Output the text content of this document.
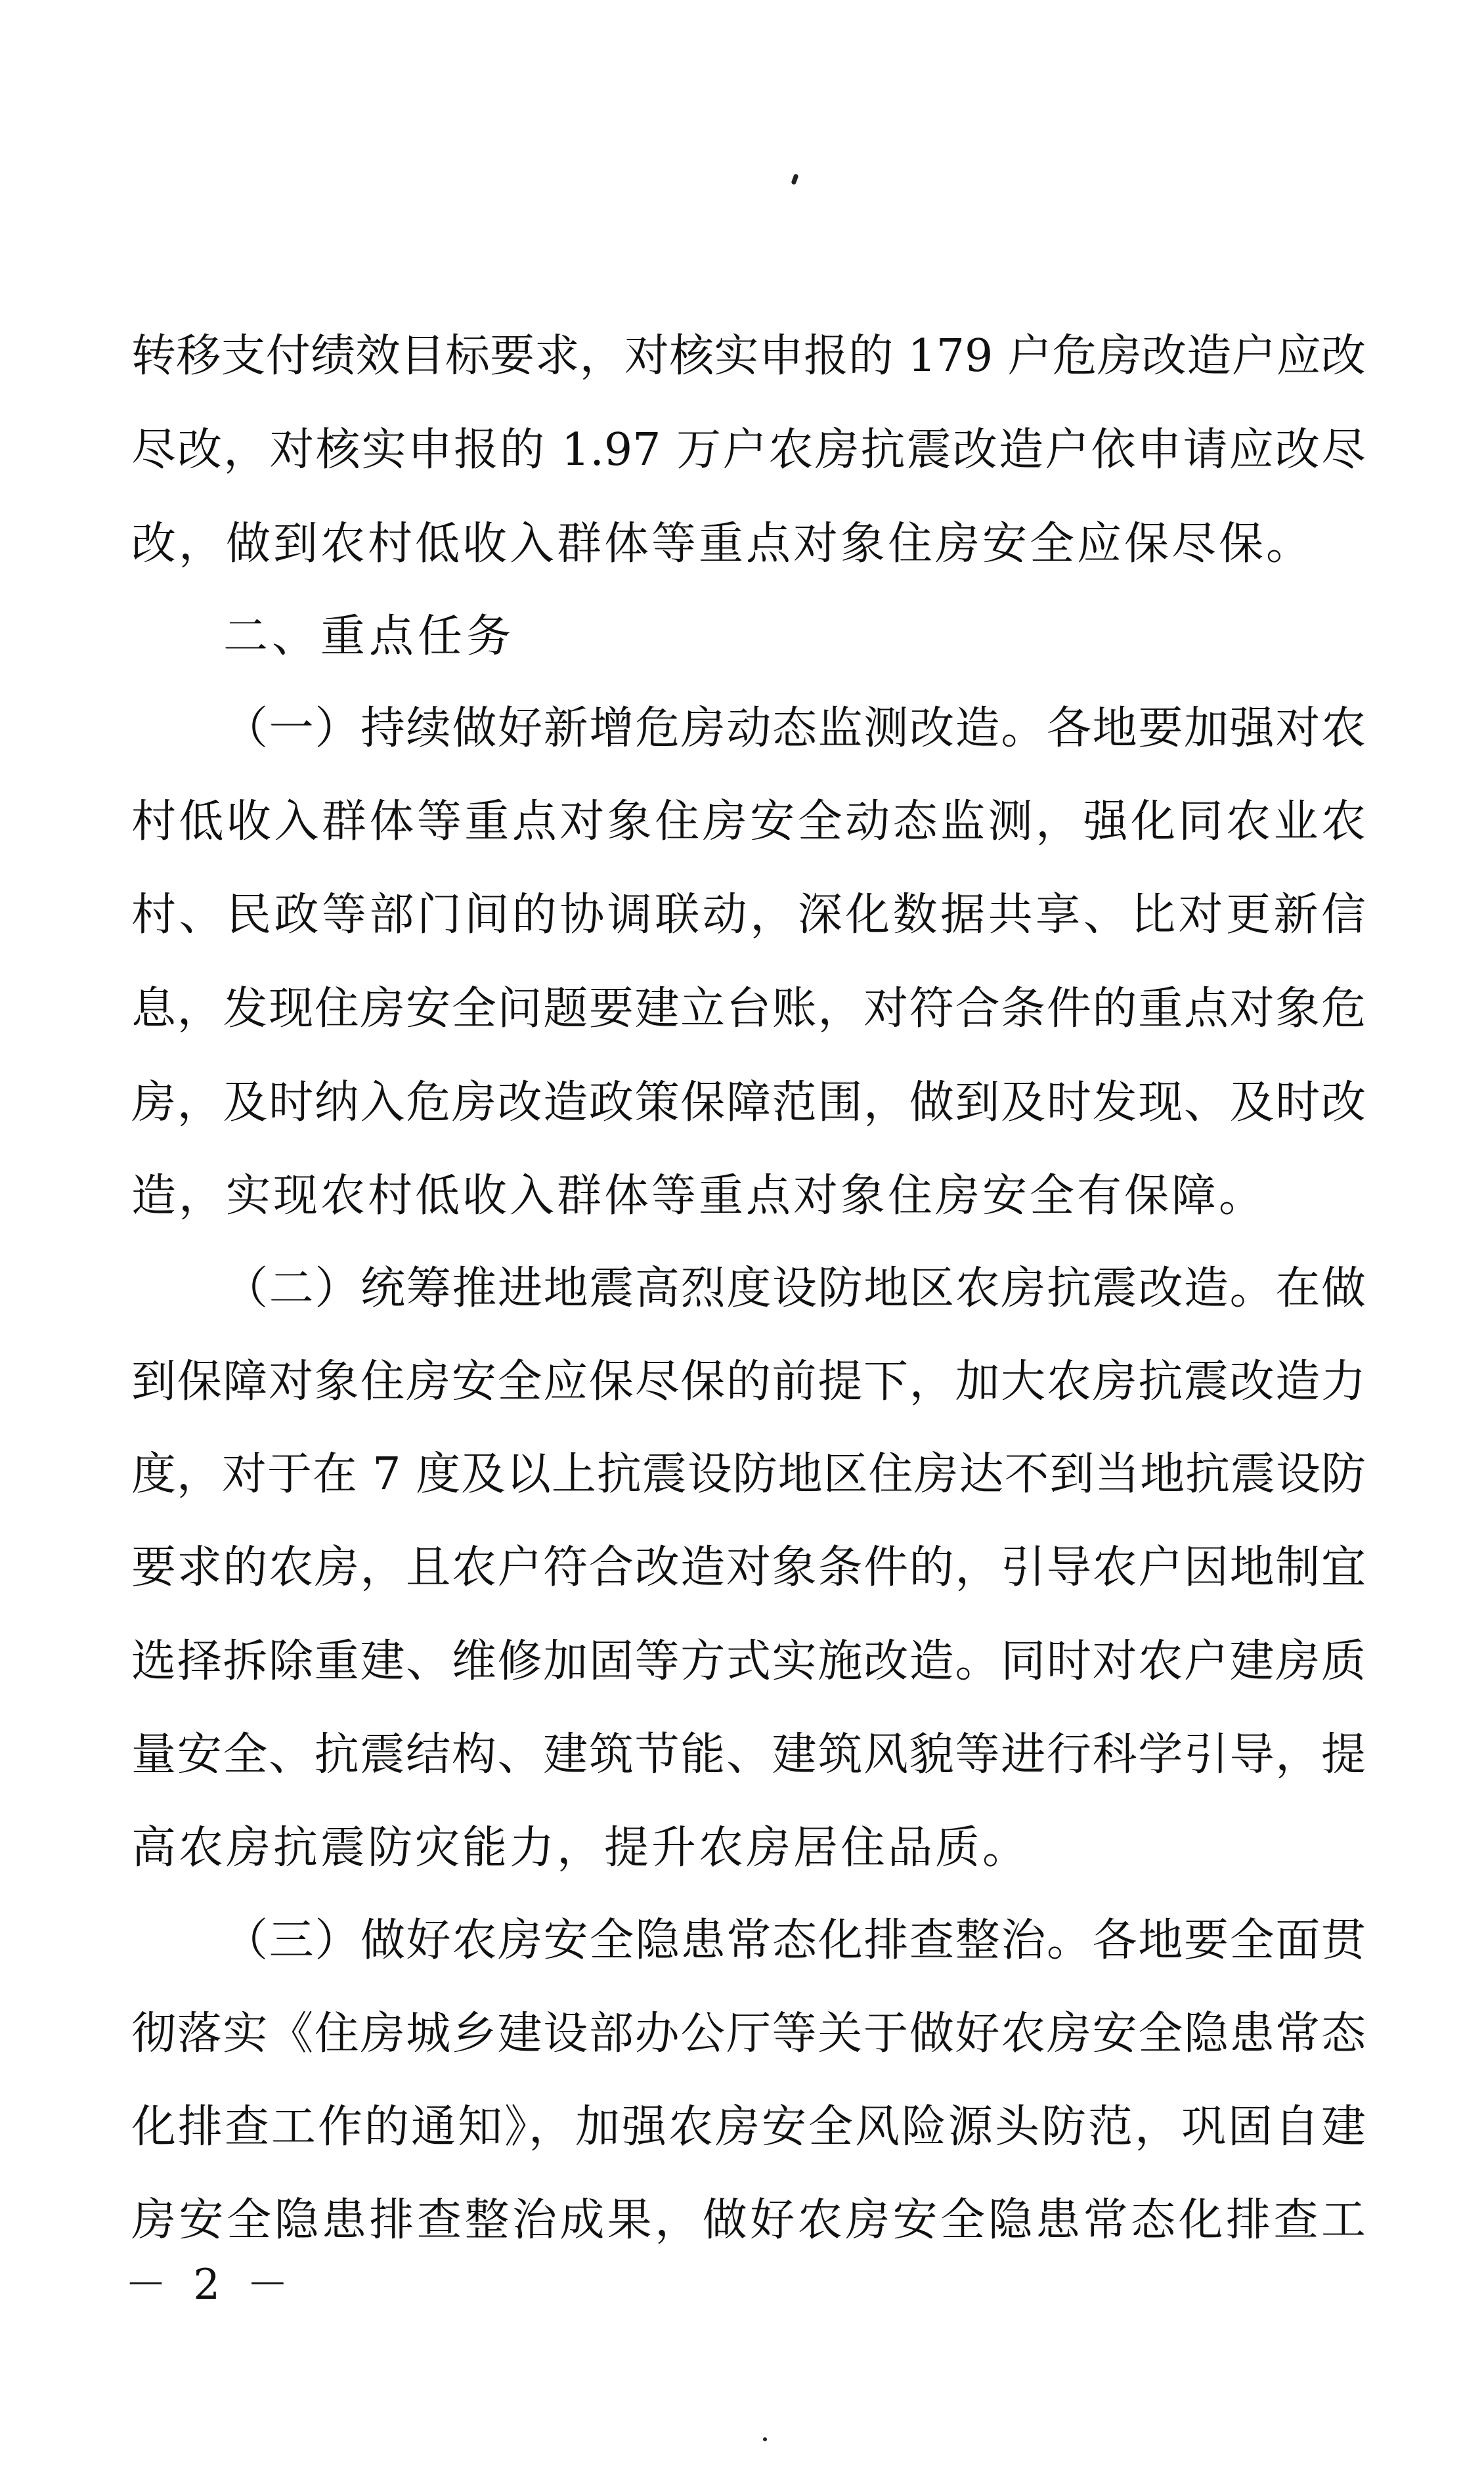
转移支付绩效目标要求，对核实申报的 179 户危房改造户应改
尽改，对核实申报的 1.97 万户农房抗震改造户依申请应改尽
改，做到农村低收入群体等重点对象住房安全应保尽保。
二、重点任务
（一）持续做好新增危房动态监测改造。各地要加强对农
村低收入群体等重点对象住房安全动态监测，强化同农业农
村、民政等部门间的协调联动，深化数据共享、比对更新信
息，发现住房安全问题要建立台账，对符合条件的重点对象危
房，及时纳入危房改造政策保障范围，做到及时发现、及时改
造，实现农村低收入群体等重点对象住房安全有保障。
（二）统筹推进地震高烈度设防地区农房抗震改造。在做
到保障对象住房安全应保尽保的前提下，加大农房抗震改造力
度，对于在 7 度及以上抗震设防地区住房达不到当地抗震设防
要求的农房，且农户符合改造对象条件的，引导农户因地制宜
选择拆除重建、维修加固等方式实施改造。同时对农户建房质
量安全、抗震结构、建筑节能、建筑风貌等进行科学引导，提
高农房抗震防灾能力，提升农房居住品质。
（三）做好农房安全隐患常态化排查整治。各地要全面贯
彻落实《住房城乡建设部办公厅等关于做好农房安全隐患常态
化排查工作的通知》，加强农房安全风险源头防范，巩固自建
房安全隐患排查整治成果，做好农房安全隐患常态化排查工
－ 2 －
